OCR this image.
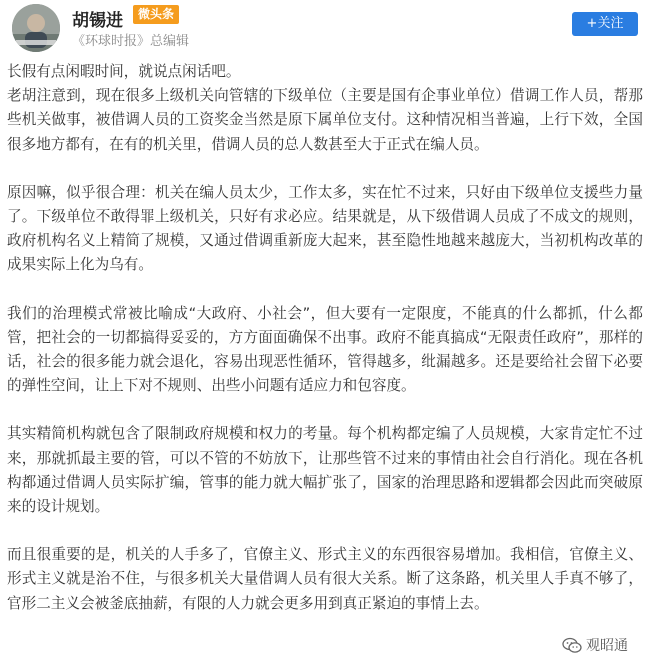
胡锡进	微头条
《环球时报》总编辑
+关注

长假有点闲暇时间，就说点闲话吧。

老胡注意到，现在很多上级机关向管辖的下级单位（主要是国有企事业单位）借调工作人员，帮那些机关做事，被借调人员的工资奖金当然是原下属单位支付。这种情况相当普遍，上行下效，全国很多地方都有，在有的机关里，借调人员的总人数甚至大于正式在编人员。

原因嘛，似乎很合理：机关在编人员太少，工作太多，实在忙不过来，只好由下级单位支援些力量了。下级单位不敢得罪上级机关，只好有求必应。结果就是，从下级借调人员成了不成文的规则，政府机构名义上精简了规模，又通过借调重新庞大起来，甚至隐性地越来越庞大，当初机构改革的成果实际上化为乌有。

我们的治理模式常被比喻成“大政府、小社会”，但大要有一定限度，不能真的什么都抓，什么都管，把社会的一切都搞得妥妥的，方方面面确保不出事。政府不能真搞成“无限责任政府”，那样的话，社会的很多能力就会退化，容易出现恶性循环，管得越多，纰漏越多。还是要给社会留下必要的弹性空间，让上下对不规则、出些小问题有适应力和包容度。

其实精简机构就包含了限制政府规模和权力的考量。每个机构都定编了人员规模，大家肯定忙不过来，那就抓最主要的管，可以不管的不妨放下，让那些管不过来的事情由社会自行消化。现在各机构都通过借调人员实际扩编，管事的能力就大幅扩张了，国家的治理思路和逻辑都会因此而突破原来的设计规划。

而且很重要的是，机关的人手多了，官僚主义、形式主义的东西很容易增加。我相信，官僚主义、形式主义就是治不住，与很多机关大量借调人员有很大关系。断了这条路，机关里人手真不够了，官形二主义会被釜底抽薪，有限的人力就会更多用到真正紧迫的事情上去。

观昭通
